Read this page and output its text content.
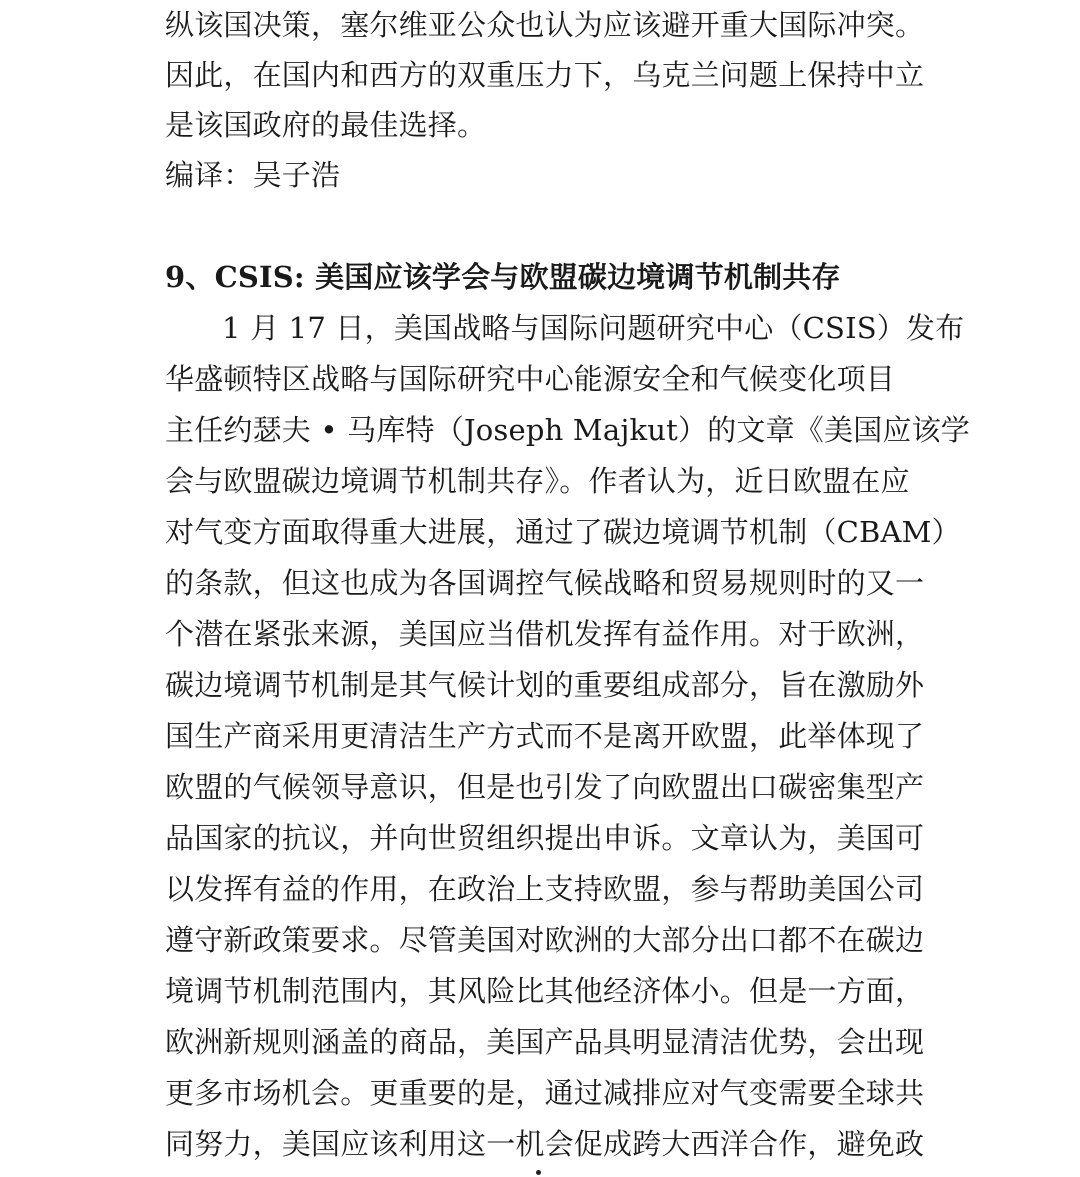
纵该国决策，塞尔维亚公众也认为应该避开重大国际冲突。
因此，在国内和西方的双重压力下，乌克兰问题上保持中立
是该国政府的最佳选择。
编译：吴子浩
9、CSIS: 美国应该学会与欧盟碳边境调节机制共存
1 月 17 日，美国战略与国际问题研究中心（CSIS）发布
华盛顿特区战略与国际研究中心能源安全和气候变化项目
主任约瑟夫 • 马库特（Joseph Majkut）的文章《美国应该学
会与欧盟碳边境调节机制共存》。作者认为，近日欧盟在应
对气变方面取得重大进展，通过了碳边境调节机制（CBAM）
的条款，但这也成为各国调控气候战略和贸易规则时的又一
个潜在紧张来源，美国应当借机发挥有益作用。对于欧洲，
碳边境调节机制是其气候计划的重要组成部分，旨在激励外
国生产商采用更清洁生产方式而不是离开欧盟，此举体现了
欧盟的气候领导意识，但是也引发了向欧盟出口碳密集型产
品国家的抗议，并向世贸组织提出申诉。文章认为，美国可
以发挥有益的作用，在政治上支持欧盟，参与帮助美国公司
遵守新政策要求。尽管美国对欧洲的大部分出口都不在碳边
境调节机制范围内，其风险比其他经济体小。但是一方面，
欧洲新规则涵盖的商品，美国产品具明显清洁优势，会出现
更多市场机会。更重要的是，通过减排应对气变需要全球共
同努力，美国应该利用这一机会促成跨大西洋合作，避免政
